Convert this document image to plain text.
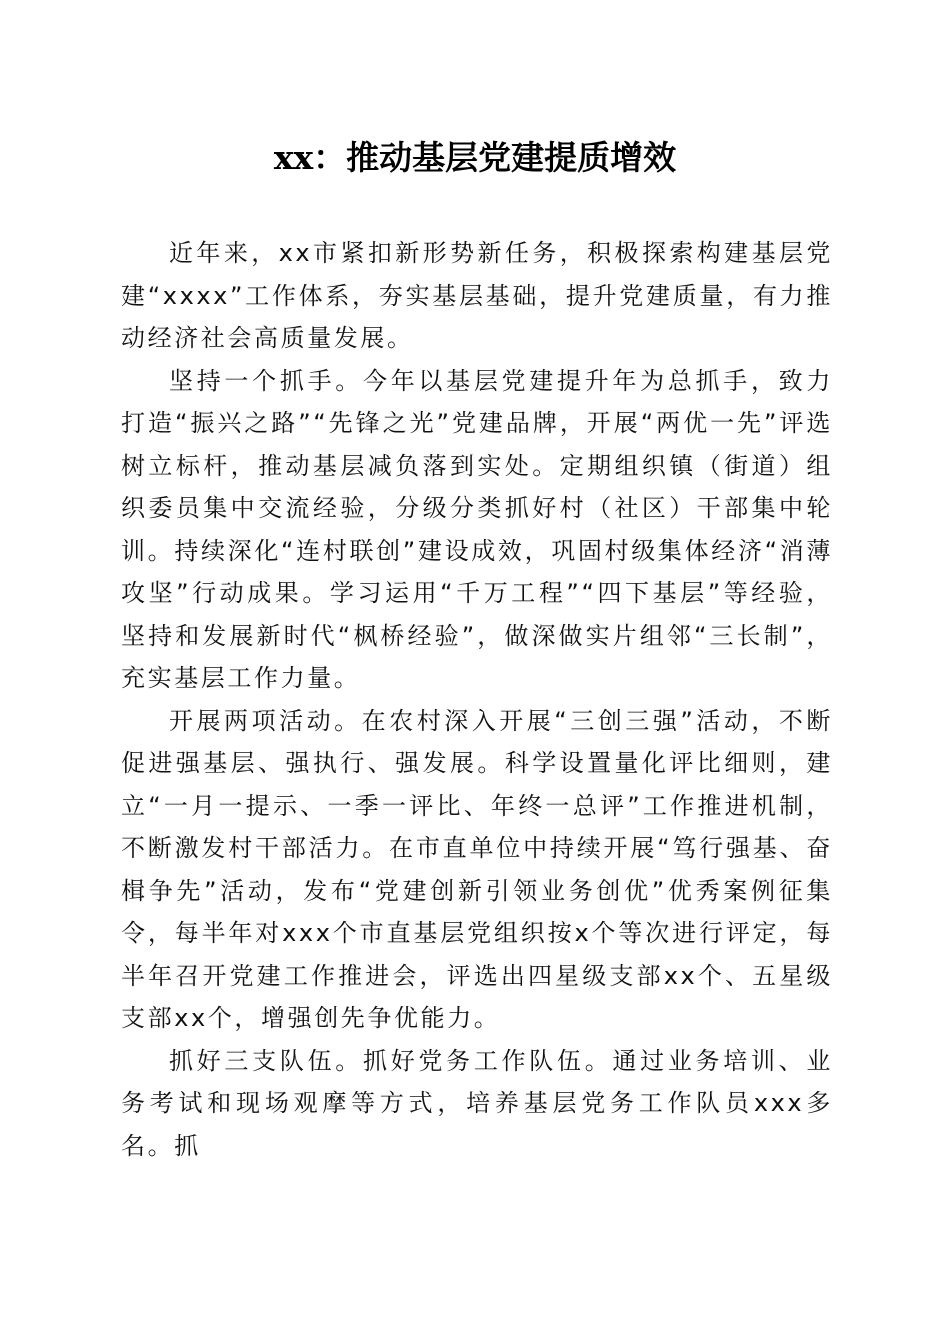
xx：推动基层党建提质增效

近年来，xx市紧扣新形势新任务，积极探索构建基层党建“xxxx”工作体系，夯实基层基础，提升党建质量，有力推动经济社会高质量发展。

坚持一个抓手。今年以基层党建提升年为总抓手，致力打造“振兴之路”“先锋之光”党建品牌，开展“两优一先”评选树立标杆，推动基层减负落到实处。定期组织镇（街道）组织委员集中交流经验，分级分类抓好村（社区）干部集中轮训。持续深化“连村联创”建设成效，巩固村级集体经济“消薄攻坚”行动成果。学习运用“千万工程”“四下基层”等经验，坚持和发展新时代“枫桥经验”，做深做实片组邻“三长制”，充实基层工作力量。

开展两项活动。在农村深入开展“三创三强”活动，不断促进强基层、强执行、强发展。科学设置量化评比细则，建立“一月一提示、一季一评比、年终一总评”工作推进机制，不断激发村干部活力。在市直单位中持续开展“笃行强基、奋楫争先”活动，发布“党建创新引领业务创优”优秀案例征集令，每半年对xxx个市直基层党组织按x个等次进行评定，每半年召开党建工作推进会，评选出四星级支部xx个、五星级支部xx个，增强创先争优能力。

抓好三支队伍。抓好党务工作队伍。通过业务培训、业务考试和现场观摩等方式，培养基层党务工作队员xxx多名。抓
